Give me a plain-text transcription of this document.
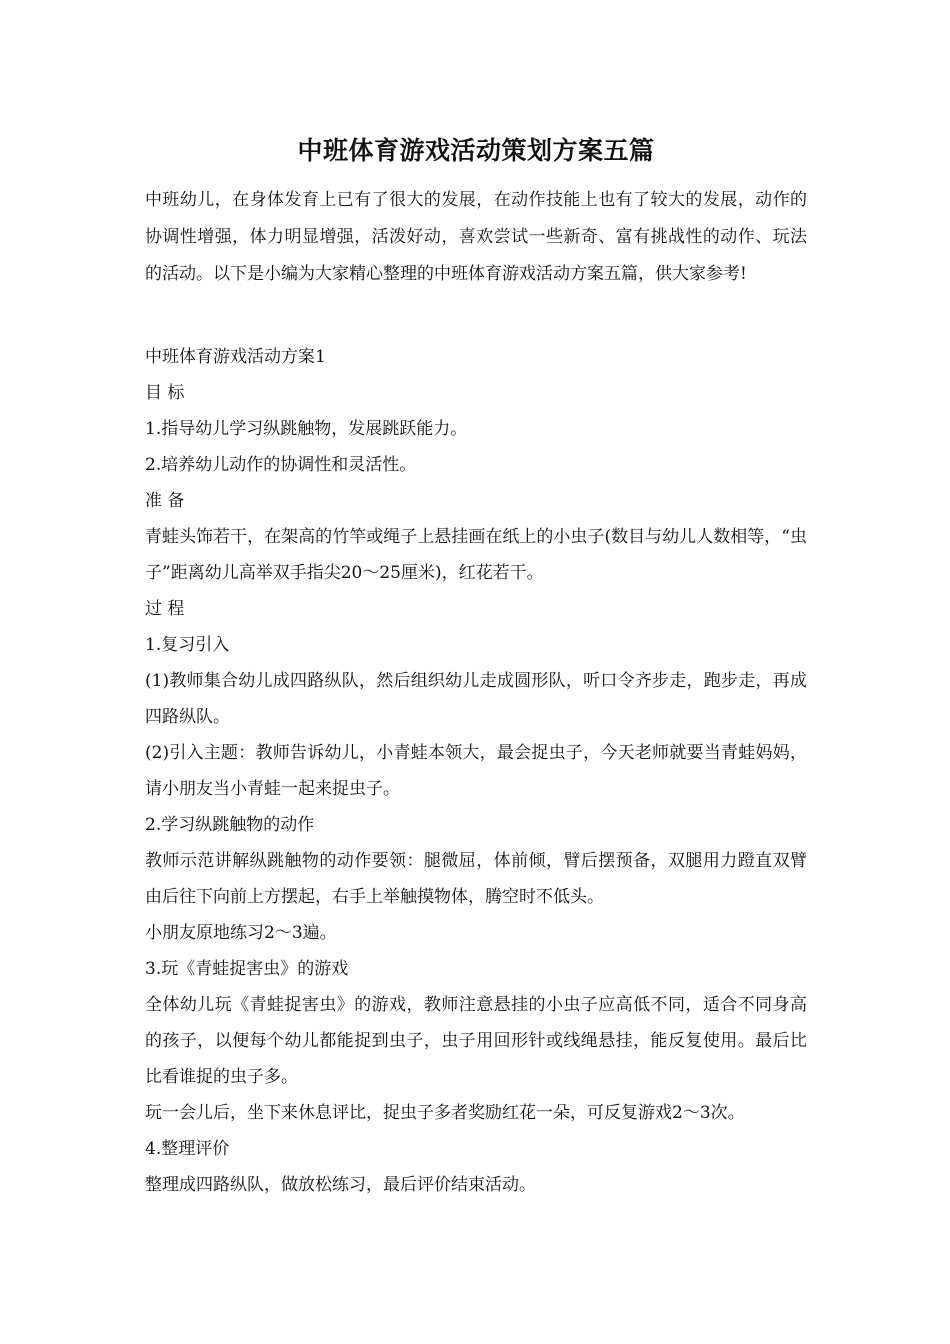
中班体育游戏活动策划方案五篇

中班幼儿，在身体发育上已有了很大的发展，在动作技能上也有了较大的发展，动作的协调性增强，体力明显增强，活泼好动，喜欢尝试一些新奇、富有挑战性的动作、玩法的活动。以下是小编为大家精心整理的中班体育游戏活动方案五篇，供大家参考!

中班体育游戏活动方案1

目 标

1.指导幼儿学习纵跳触物，发展跳跃能力。

2.培养幼儿动作的协调性和灵活性。

准 备

青蛙头饰若干，在架高的竹竿或绳子上悬挂画在纸上的小虫子(数目与幼儿人数相等，“虫子”距离幼儿高举双手指尖20～25厘米)，红花若干。

过 程

1.复习引入

(1)教师集合幼儿成四路纵队，然后组织幼儿走成圆形队，听口令齐步走，跑步走，再成四路纵队。

(2)引入主题：教师告诉幼儿，小青蛙本领大，最会捉虫子，今天老师就要当青蛙妈妈，请小朋友当小青蛙一起来捉虫子。

2.学习纵跳触物的动作

教师示范讲解纵跳触物的动作要领：腿微屈，体前倾，臂后摆预备，双腿用力蹬直双臂由后往下向前上方摆起，右手上举触摸物体，腾空时不低头。

小朋友原地练习2～3遍。

3.玩《青蛙捉害虫》的游戏

全体幼儿玩《青蛙捉害虫》的游戏，教师注意悬挂的小虫子应高低不同，适合不同身高的孩子，以便每个幼儿都能捉到虫子，虫子用回形针或线绳悬挂，能反复使用。最后比比看谁捉的虫子多。

玩一会儿后，坐下来休息评比，捉虫子多者奖励红花一朵，可反复游戏2～3次。

4.整理评价

整理成四路纵队，做放松练习，最后评价结束活动。
